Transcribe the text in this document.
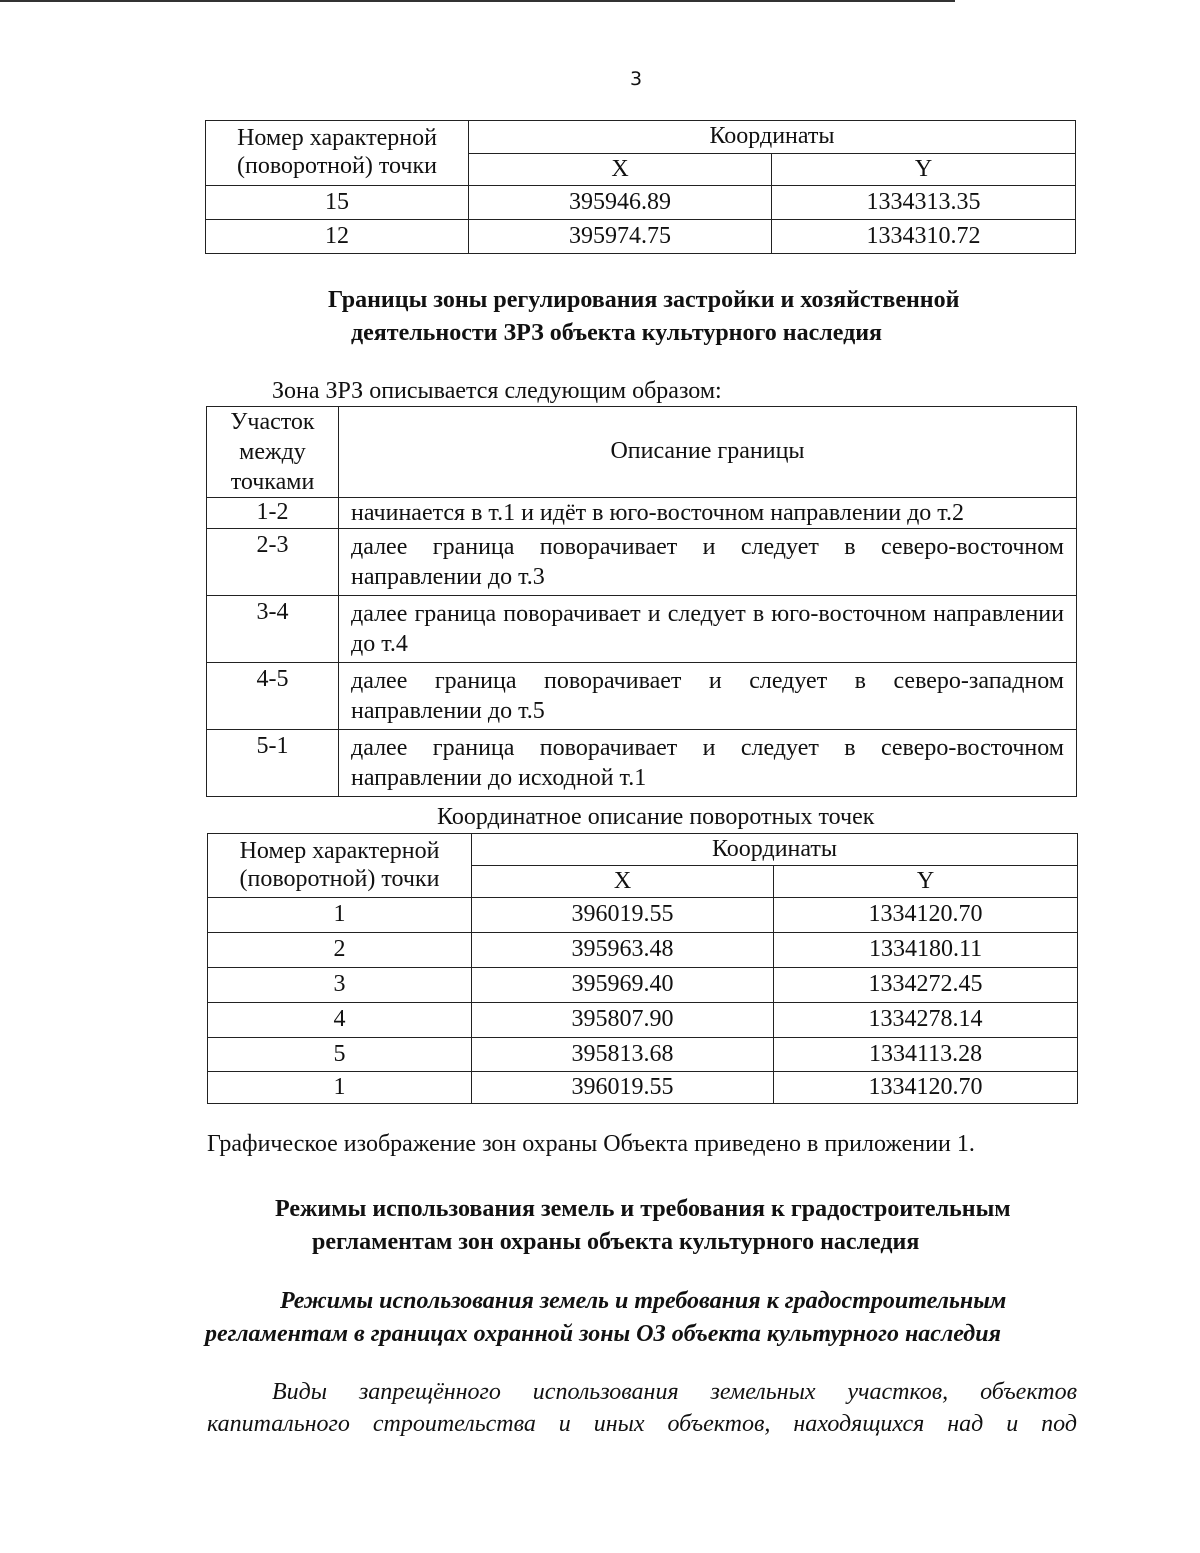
3
Номер характерной
(поворотной) точки	Координаты	
	X	Y
15	395946.89	1334313.35
12	395974.75	1334310.72
Границы зоны регулирования застройки и хозяйственной
деятельности ЗРЗ объекта культурного наследия
Зона ЗРЗ описывается следующим образом:
Участок
между
точками	Описание границы
1-2	начинается в т.1 и идёт в юго-восточном направлении до т.2
2-3	далее граница поворачивает и следует в северо-восточном направлении до т.3
3-4	далее граница поворачивает и следует в юго-восточном направлении до т.4
4-5	далее граница поворачивает и следует в северо-западном направлении до т.5
5-1	далее граница поворачивает и следует в северо-восточном направлении до исходной т.1
Координатное описание поворотных точек
Номер характерной
(поворотной) точки	Координаты	
	X	Y
1	396019.55	1334120.70
2	395963.48	1334180.11
3	395969.40	1334272.45
4	395807.90	1334278.14
5	395813.68	1334113.28
1	396019.55	1334120.70
Графическое изображение зон охраны Объекта приведено в приложении 1.
Режимы использования земель и требования к градостроительным
регламентам зон охраны объекта культурного наследия
Режимы использования земель и требования к градостроительным
регламентам в границах охранной зоны ОЗ объекта культурного наследия
Виды запрещённого использования земельных участков, объектов
капитального строительства и иных объектов, находящихся над и под
